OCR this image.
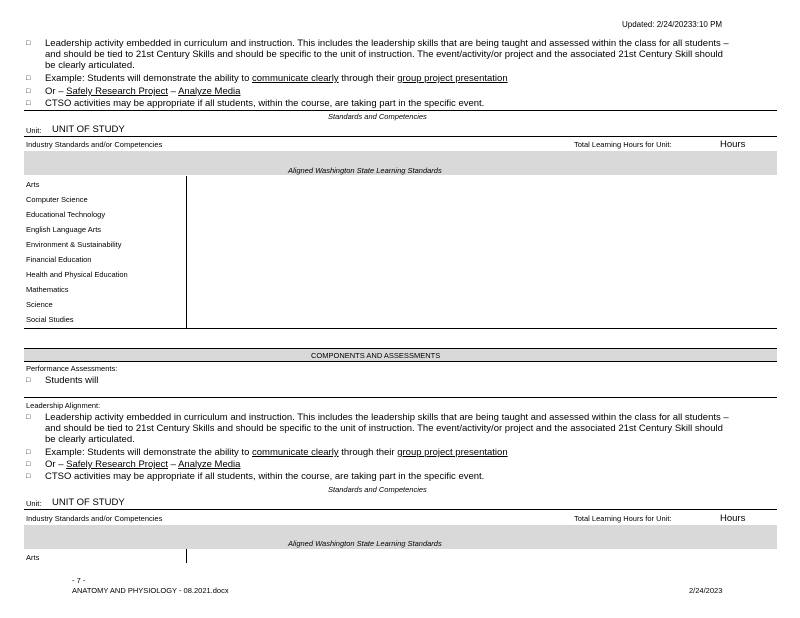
Updated: 2/24/20233:10 PM
□ Leadership activity embedded in curriculum and instruction. This includes the leadership skills that are being taught and assessed within the class for all students –
and should be tied to 21st Century Skills and should be specific to the unit of instruction. The event/activity/or project and the associated 21st Century Skill should
be clearly articulated.
□ Example: Students will demonstrate the ability to communicate clearly through their group project presentation
□ Or – Safely Research Project – Analyze Media
□ CTSO activities may be appropriate if all students, within the course, are taking part in the specific event.
Standards and Competencies
Unit: UNIT OF STUDY
Industry Standards and/or Competencies	Total Learning Hours for Unit:	Hours
Aligned Washington State Learning Standards
Arts
Computer Science
Educational Technology
English Language Arts
Environment & Sustainability
Financial Education
Health and Physical Education
Mathematics
Science
Social Studies
COMPONENTS AND ASSESSMENTS
Performance Assessments:
□ Students will
Leadership Alignment:
□ Leadership activity embedded in curriculum and instruction. This includes the leadership skills that are being taught and assessed within the class for all students –
and should be tied to 21st Century Skills and should be specific to the unit of instruction. The event/activity/or project and the associated 21st Century Skill should
be clearly articulated.
□ Example: Students will demonstrate the ability to communicate clearly through their group project presentation
□ Or – Safely Research Project – Analyze Media
□ CTSO activities may be appropriate if all students, within the course, are taking part in the specific event.
Standards and Competencies
Unit: UNIT OF STUDY
Industry Standards and/or Competencies	Total Learning Hours for Unit:	Hours
Aligned Washington State Learning Standards
Arts
- 7 -
ANATOMY AND PHYSIOLOGY - 08.2021.docx	2/24/2023
